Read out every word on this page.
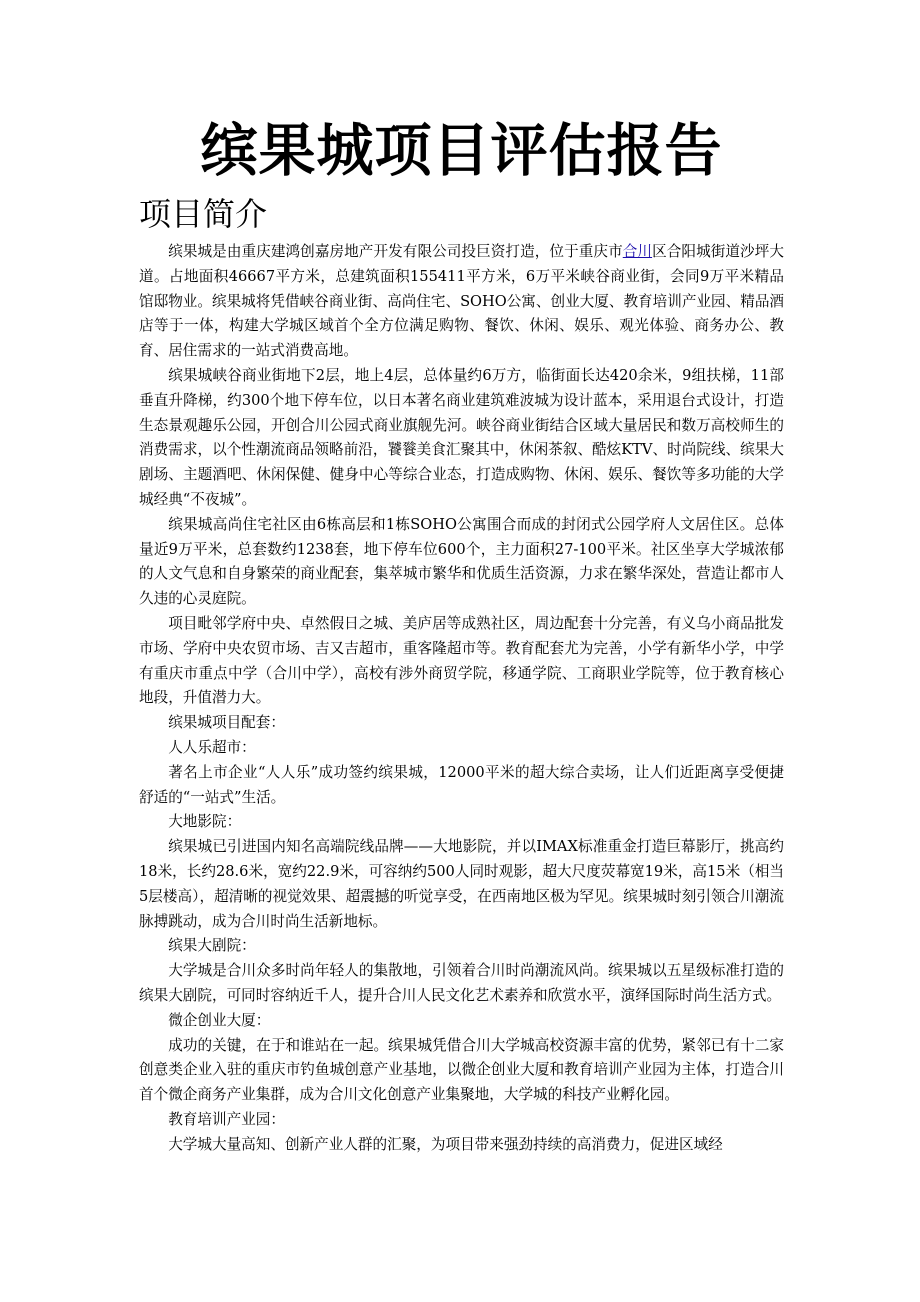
缤果城项目评估报告
项目简介

缤果城是由重庆建鸿创嘉房地产开发有限公司投巨资打造，位于重庆市合川区合阳城街道沙坪大道。占地面积46667平方米，总建筑面积155411平方米，6万平米峡谷商业街，会同9万平米精品馆邸物业。缤果城将凭借峡谷商业街、高尚住宅、SOHO公寓、创业大厦、教育培训产业园、精品酒店等于一体，构建大学城区域首个全方位满足购物、餐饮、休闲、娱乐、观光体验、商务办公、教育、居住需求的一站式消费高地。

缤果城峡谷商业街地下2层，地上4层，总体量约6万方，临街面长达420余米，9组扶梯，11部垂直升降梯，约300个地下停车位，以日本著名商业建筑难波城为设计蓝本，采用退台式设计，打造生态景观趣乐公园，开创合川公园式商业旗舰先河。峡谷商业街结合区域大量居民和数万高校师生的消费需求，以个性潮流商品领略前沿，饕餮美食汇聚其中，休闲茶叙、酷炫KTV、时尚院线、缤果大剧场、主题酒吧、休闲保健、健身中心等综合业态，打造成购物、休闲、娱乐、餐饮等多功能的大学城经典“不夜城”。

缤果城高尚住宅社区由6栋高层和1栋SOHO公寓围合而成的封闭式公园学府人文居住区。总体量近9万平米，总套数约1238套，地下停车位600个，主力面积27-100平米。社区坐享大学城浓郁的人文气息和自身繁荣的商业配套，集萃城市繁华和优质生活资源，力求在繁华深处，营造让都市人久违的心灵庭院。

项目毗邻学府中央、卓然假日之城、美庐居等成熟社区，周边配套十分完善，有义乌小商品批发市场、学府中央农贸市场、吉又吉超市，重客隆超市等。教育配套尤为完善，小学有新华小学，中学有重庆市重点中学（合川中学），高校有涉外商贸学院，移通学院、工商职业学院等，位于教育核心地段，升值潜力大。

缤果城项目配套：

人人乐超市：

著名上市企业“人人乐”成功签约缤果城，12000平米的超大综合卖场，让人们近距离享受便捷舒适的“一站式”生活。

大地影院：

缤果城已引进国内知名高端院线品牌——大地影院，并以IMAX标准重金打造巨幕影厅，挑高约18米，长约28.6米，宽约22.9米，可容纳约500人同时观影，超大尺度荧幕宽19米，高15米（相当5层楼高），超清晰的视觉效果、超震撼的听觉享受，在西南地区极为罕见。缤果城时刻引领合川潮流脉搏跳动，成为合川时尚生活新地标。

缤果大剧院：

大学城是合川众多时尚年轻人的集散地，引领着合川时尚潮流风尚。缤果城以五星级标准打造的缤果大剧院，可同时容纳近千人，提升合川人民文化艺术素养和欣赏水平，演绎国际时尚生活方式。

微企创业大厦：

成功的关键，在于和谁站在一起。缤果城凭借合川大学城高校资源丰富的优势，紧邻已有十二家创意类企业入驻的重庆市钓鱼城创意产业基地，以微企创业大厦和教育培训产业园为主体，打造合川首个微企商务产业集群，成为合川文化创意产业集聚地，大学城的科技产业孵化园。

教育培训产业园：

大学城大量高知、创新产业人群的汇聚，为项目带来强劲持续的高消费力，促进区域经
